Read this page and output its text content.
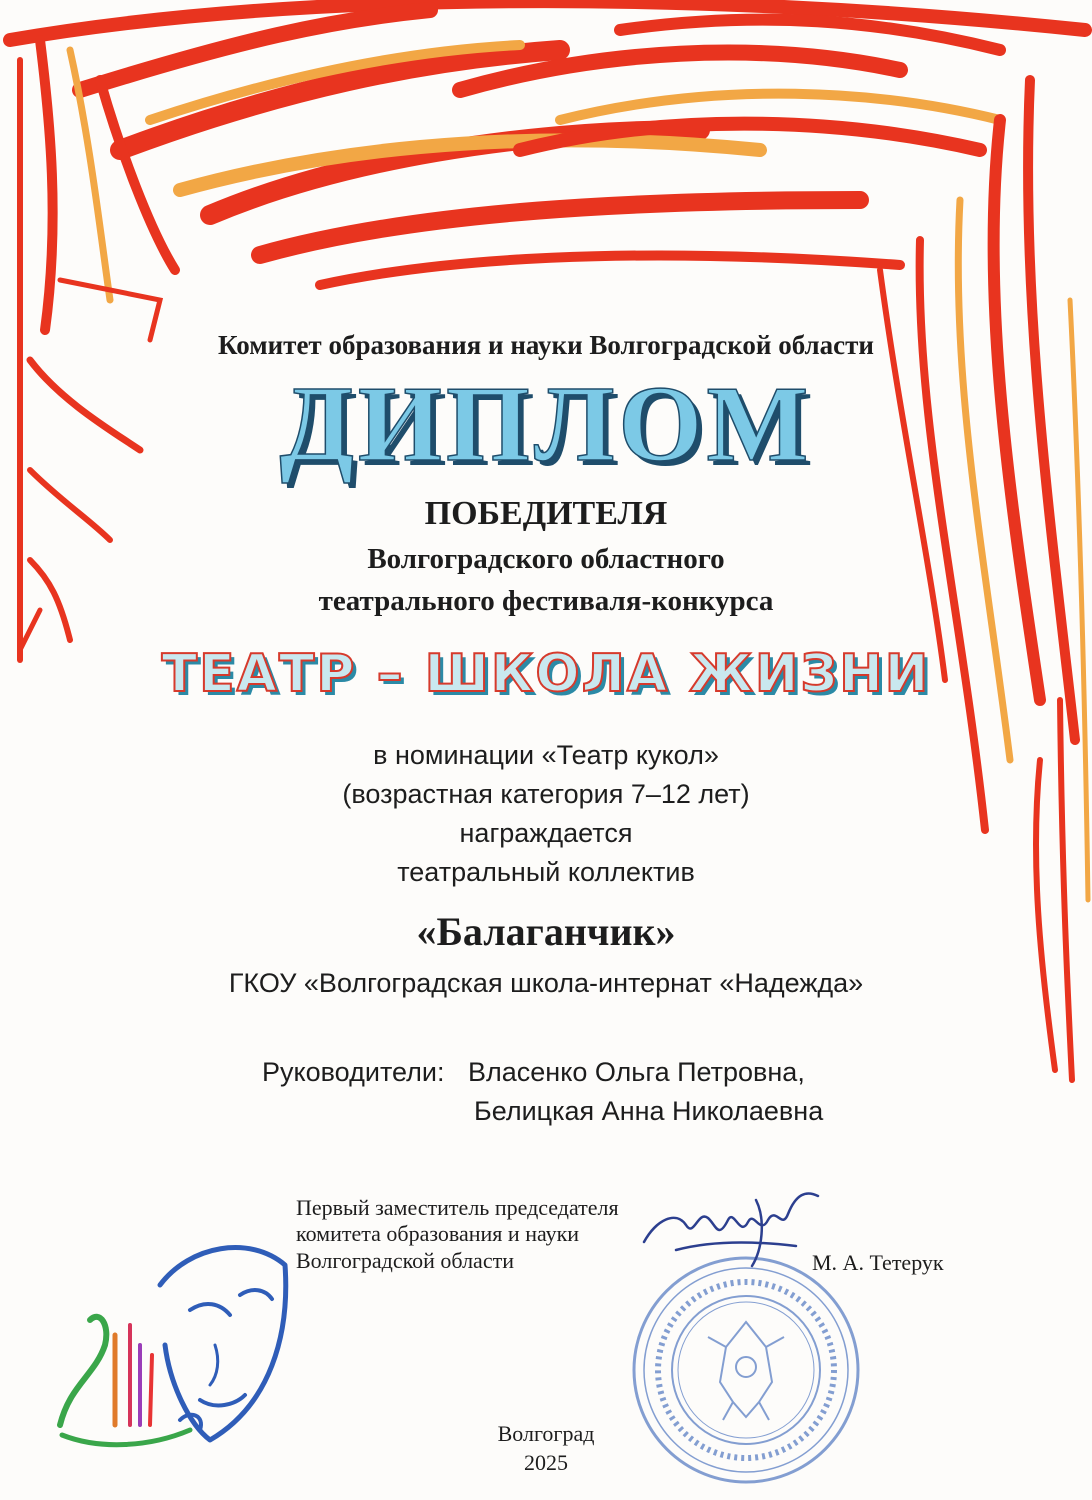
Комитет образования и науки Волгоградской области
ДИПЛОМ
ПОБЕДИТЕЛЯ
Волгоградского областного
театрального фестиваля-конкурса
ТЕАТР – ШКОЛА ЖИЗНИ
в номинации «Театр кукол»
(возрастная категория 7–12 лет)
награждается
театральный коллектив
«Балаганчик»
ГКОУ «Волгоградская школа-интернат «Надежда»
Руководители: Власенко Ольга Петровна,
Белицкая Анна Николаевна
Первый заместитель председателя
комитета образования и науки
Волгоградской области	М. А. Тетерук
Волгоград
2025
